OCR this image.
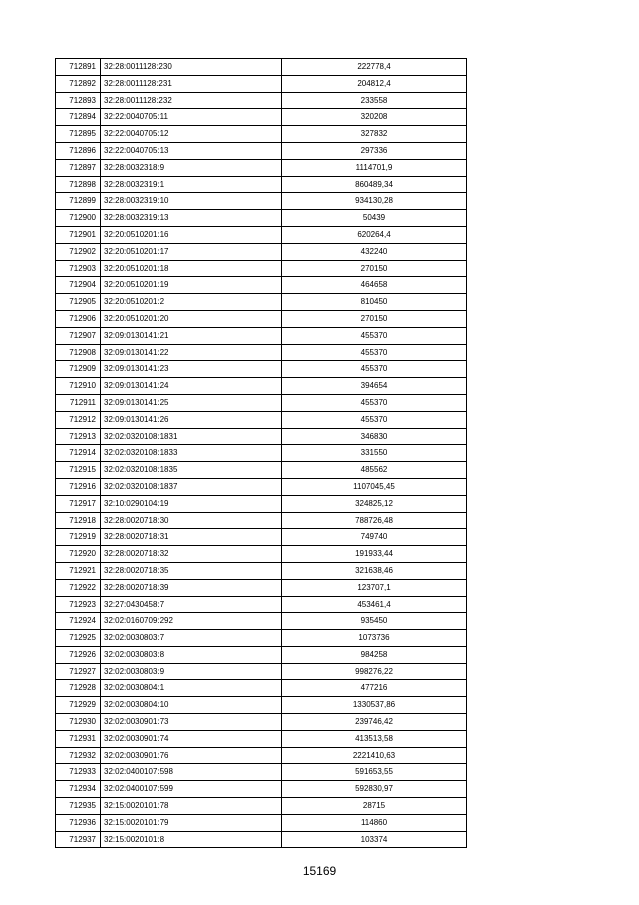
712891	32:28:0011128:230	222778,4
712892	32:28:0011128:231	204812,4
712893	32:28:0011128:232	233558
712894	32:22:0040705:11	320208
712895	32:22:0040705:12	327832
712896	32:22:0040705:13	297336
712897	32:28:0032318:9	1114701,9
712898	32:28:0032319:1	860489,34
712899	32:28:0032319:10	934130,28
712900	32:28:0032319:13	50439
712901	32:20:0510201:16	620264,4
712902	32:20:0510201:17	432240
712903	32:20:0510201:18	270150
712904	32:20:0510201:19	464658
712905	32:20:0510201:2	810450
712906	32:20:0510201:20	270150
712907	32:09:0130141:21	455370
712908	32:09:0130141:22	455370
712909	32:09:0130141:23	455370
712910	32:09:0130141:24	394654
712911	32:09:0130141:25	455370
712912	32:09:0130141:26	455370
712913	32:02:0320108:1831	346830
712914	32:02:0320108:1833	331550
712915	32:02:0320108:1835	485562
712916	32:02:0320108:1837	1107045,45
712917	32:10:0290104:19	324825,12
712918	32:28:0020718:30	788726,48
712919	32:28:0020718:31	749740
712920	32:28:0020718:32	191933,44
712921	32:28:0020718:35	321638,46
712922	32:28:0020718:39	123707,1
712923	32:27:0430458:7	453461,4
712924	32:02:0160709:292	935450
712925	32:02:0030803:7	1073736
712926	32:02:0030803:8	984258
712927	32:02:0030803:9	998276,22
712928	32:02:0030804:1	477216
712929	32:02:0030804:10	1330537,86
712930	32:02:0030901:73	239746,42
712931	32:02:0030901:74	413513,58
712932	32:02:0030901:76	2221410,63
712933	32:02:0400107:598	591653,55
712934	32:02:0400107:599	592830,97
712935	32:15:0020101:78	28715
712936	32:15:0020101:79	114860
712937	32:15:0020101:8	103374
15169
